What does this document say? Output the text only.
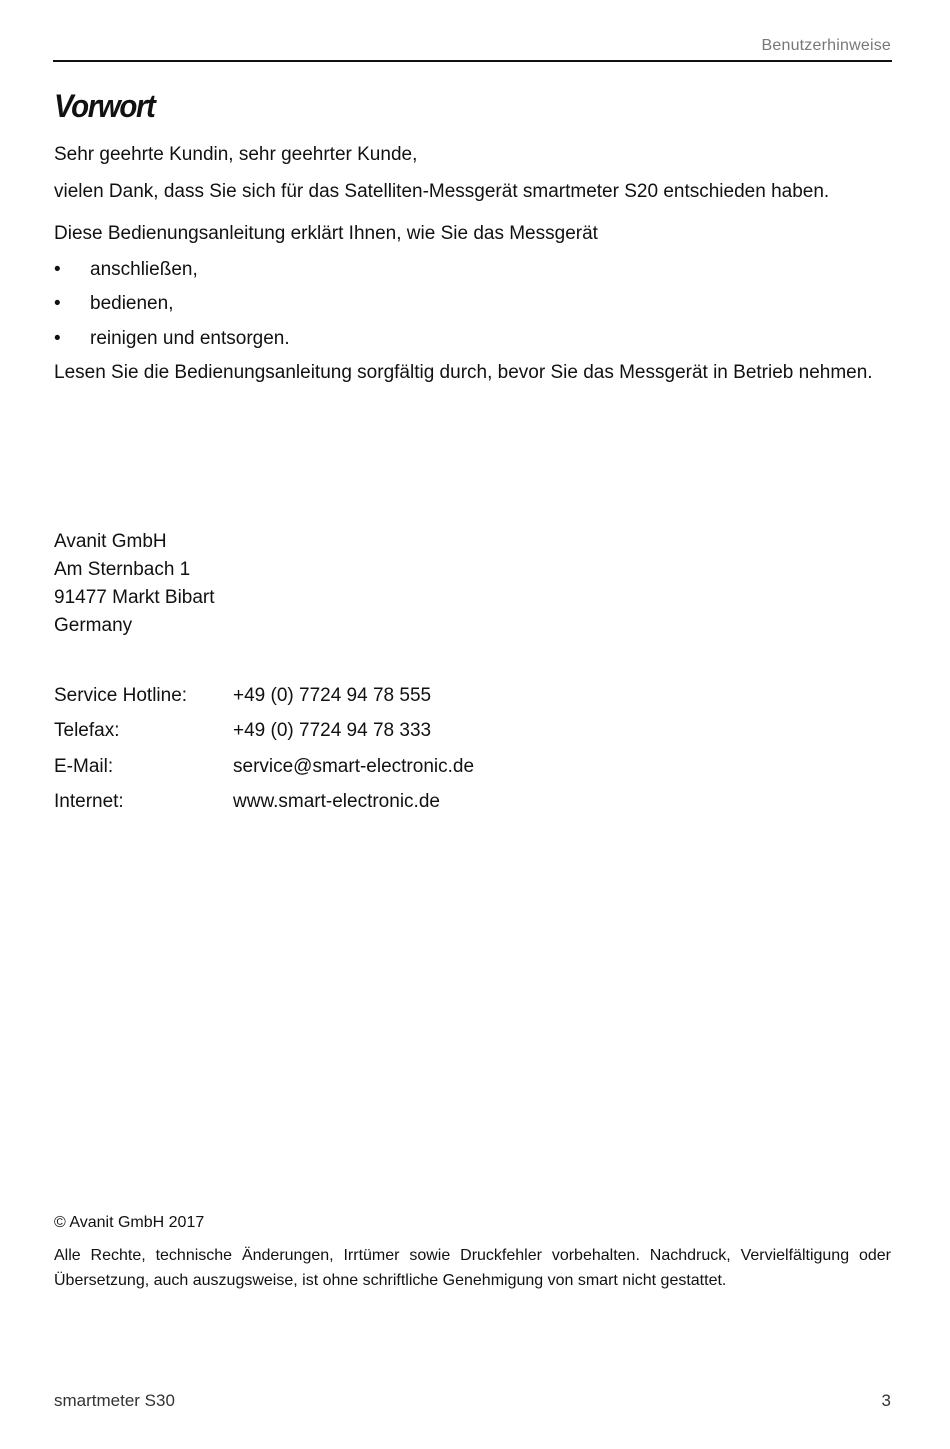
Benutzerhinweise
Vorwort

Sehr geehrte Kundin, sehr geehrter Kunde,

vielen Dank, dass Sie sich für das Satelliten-Messgerät smartmeter S20 entschieden haben.

Diese Bedienungsanleitung erklärt Ihnen, wie Sie das Messgerät

•	anschließen,
•	bedienen,
•	reinigen und entsorgen.

Lesen Sie die Bedienungsanleitung sorgfältig durch, bevor Sie das Messgerät in Betrieb nehmen.

Avanit GmbH
Am Sternbach 1
91477 Markt Bibart
Germany
Service Hotline: +49 (0) 7724 94 78 555
Telefax:	+49 (0) 7724 94 78 333
E-Mail:	service@smart-electronic.de
Internet:	www.smart-electronic.de
© Avanit GmbH 2017
Alle Rechte, technische Änderungen, Irrtümer sowie Druckfehler vorbehalten. Nachdruck, Vervielfältigung oder Übersetzung, auch auszugsweise, ist ohne schriftliche Genehmigung von smart nicht gestattet.
smartmeter S30	3
